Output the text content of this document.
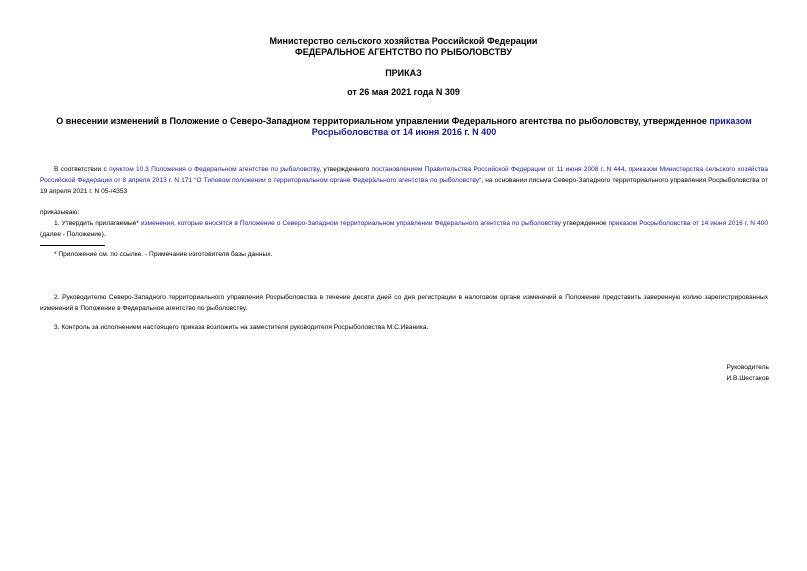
Министерство сельского хозяйства Российской Федерации
ФЕДЕРАЛЬНОЕ АГЕНТСТВО ПО РЫБОЛОВСТВУ
ПРИКАЗ
от 26 мая 2021 года N 309
О внесении изменений в Положение о Северо-Западном территориальном управлении Федерального агентства по рыболовству, утвержденное приказом Росрыболовства от 14 июня 2016 г. N 400
В соответствии с пунктом 10.3 Положения о Федеральном агентстве по рыболовству, утвержденного постановлением Правительства Российской Федерации от 11 июня 2008 г. N 444, приказом Министерства сельского хозяйства Российской Федерации от 8 апреля 2013 г. N 171 "О Типовом положении о территориальном органе Федерального агентства по рыболовству", на основании письма Северо-Западного территориального управления Росрыболовства от 19 апреля 2021 г. N 05-/4353
приказываю:
1. Утвердить прилагаемые* изменения, которые вносятся в Положение о Северо-Западном территориальном управлении Федерального агентства по рыболовству утвержденное приказом Росрыболовства от 14 июня 2016 г. N 400 (далее - Положение).
* Приложение см. по ссылке. - Примечание изготовителя базы данных.
2. Руководителю Северо-Западного территориального управления Росрыболовства в течение десяти дней со дня регистрации в налоговом органе изменений в Положение представить заверенную копию зарегистрированных изменений в Положение в Федеральное агентство по рыболовству.
3. Контроль за исполнением настоящего приказа возложить на заместителя руководителя Росрыболовства М.С.Иваника.
Руководитель
И.В.Шестаков
